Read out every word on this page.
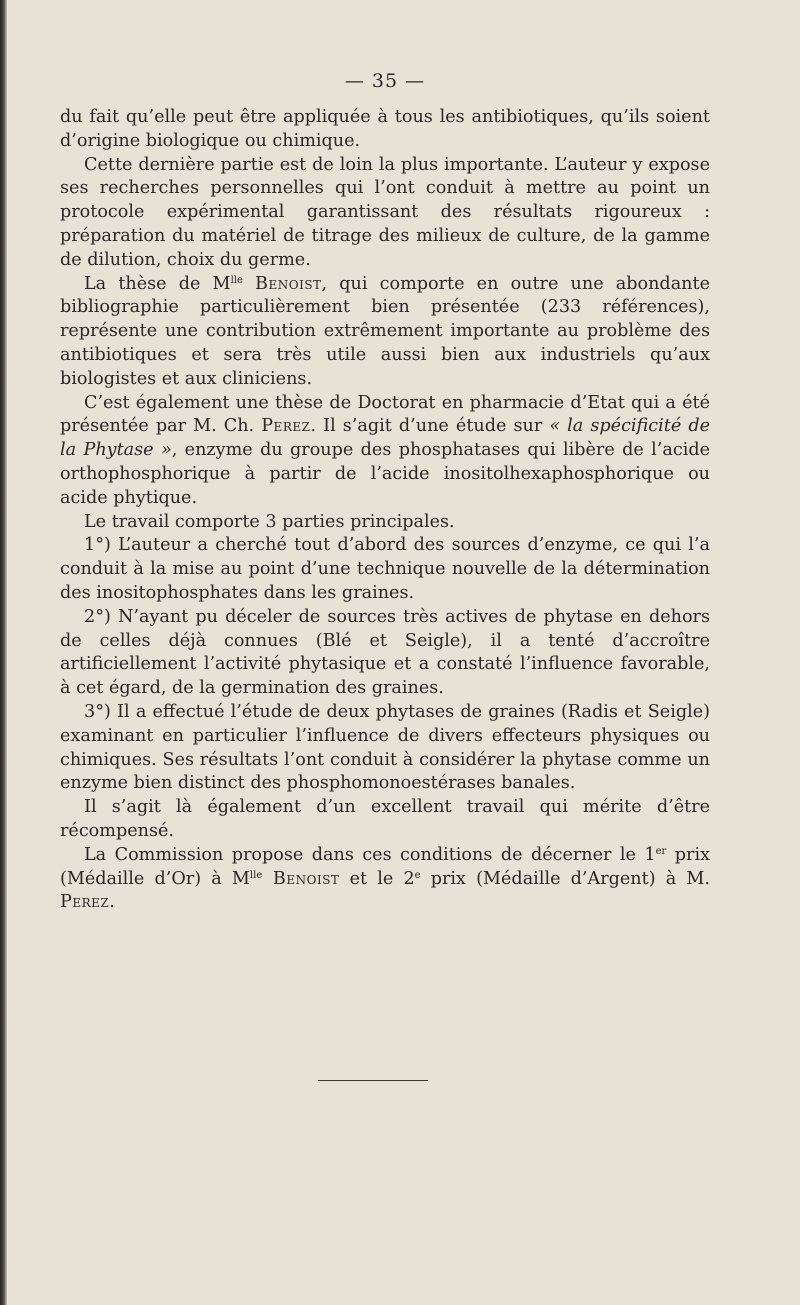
— 35 —

du fait qu’elle peut être appliquée à tous les antibiotiques, qu’ils soient d’origine biologique ou chimique.

Cette dernière partie est de loin la plus importante. L’auteur y expose ses recherches personnelles qui l’ont conduit à mettre au point un protocole expérimental garantissant des résultats rigoureux : préparation du matériel de titrage des milieux de culture, de la gamme de dilution, choix du germe.

La thèse de $M^{lle}$ Benoist, qui comporte en outre une abondante bibliographie particulièrement bien présentée (233 références), représente une contribution extrêmement importante au problème des antibiotiques et sera très utile aussi bien aux industriels qu’aux biologistes et aux cliniciens.

C’est également une thèse de Doctorat en pharmacie d’Etat qui a été présentée par M. Ch. Perez. Il s’agit d’une étude sur « la spécificité de la Phytase », enzyme du groupe des phosphatases qui libère de l’acide orthophosphorique à partir de l’acide inositolhexaphosphorique ou acide phytique.

Le travail comporte 3 parties principales.

1°) L’auteur a cherché tout d’abord des sources d’enzyme, ce qui l’a conduit à la mise au point d’une technique nouvelle de la détermination des inositophosphates dans les graines.

2°) N’ayant pu déceler de sources très actives de phytase en dehors de celles déjà connues (Blé et Seigle), il a tenté d’accroître artificiellement l’activité phytasique et a constaté l’influence favorable, à cet égard, de la germination des graines.

3°) Il a effectué l’étude de deux phytases de graines (Radis et Seigle) examinant en particulier l’influence de divers effecteurs physiques ou chimiques. Ses résultats l’ont conduit à considérer la phytase comme un enzyme bien distinct des phosphomonoestérases banales.

Il s’agit là également d’un excellent travail qui mérite d’être récompensé.

La Commission propose dans ces conditions de décerner le 1er prix (Médaille d’Or) à $M^{lle}$ Benoist et le 2e prix (Médaille d’Argent) à M. Perez.
